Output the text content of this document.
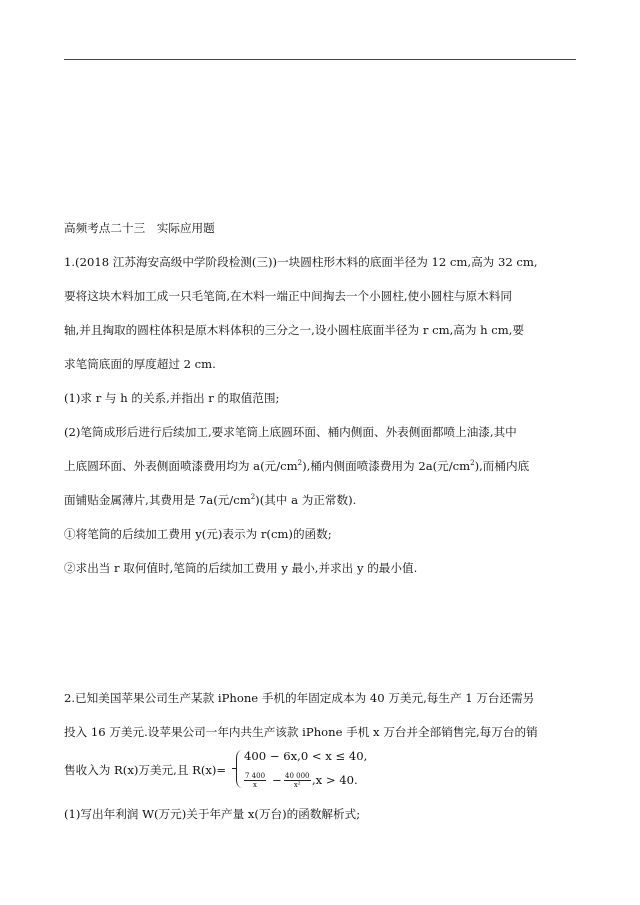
高频考点二十三　实际应用题
1.(2018 江苏海安高级中学阶段检测(三))一块圆柱形木料的底面半径为 12 cm,高为 32 cm,
要将这块木料加工成一只毛笔筒,在木料一端正中间掏去一个小圆柱,使小圆柱与原木料同
轴,并且掏取的圆柱体积是原木料体积的三分之一,设小圆柱底面半径为 r cm,高为 h cm,要
求笔筒底面的厚度超过 2 cm.
(1)求 r 与 h 的关系,并指出 r 的取值范围;
(2)笔筒成形后进行后续加工,要求笔筒上底圆环面、桶内侧面、外表侧面都喷上油漆,其中
上底圆环面、外表侧面喷漆费用均为 a(元$/cm^2$),桶内侧面喷漆费用为 2a(元$/cm^2$),而桶内底
面铺贴金属薄片,其费用是 7a(元$/cm^2$)(其中 a 为正常数).
①将笔筒的后续加工费用 y(元)表示为 r(cm)的函数;
②求出当 r 取何值时,笔筒的后续加工费用 y 最小,并求出 y 的最小值.
2.已知美国苹果公司生产某款 iPhone 手机的年固定成本为 40 万美元,每生产 1 万台还需另
投入 16 万美元.设苹果公司一年内共生产该款 iPhone 手机 x 万台并全部销售完,每万台的销
售收入为 R(x)万美元,且 R(x)=
400 − 6x,0 < x ≤ 40,
$\frac{7 400}{x} - \frac{40 000}{\text{x²}} ,x > 40$.
(1)写出年利润 W(万元)关于年产量 x(万台)的函数解析式;
